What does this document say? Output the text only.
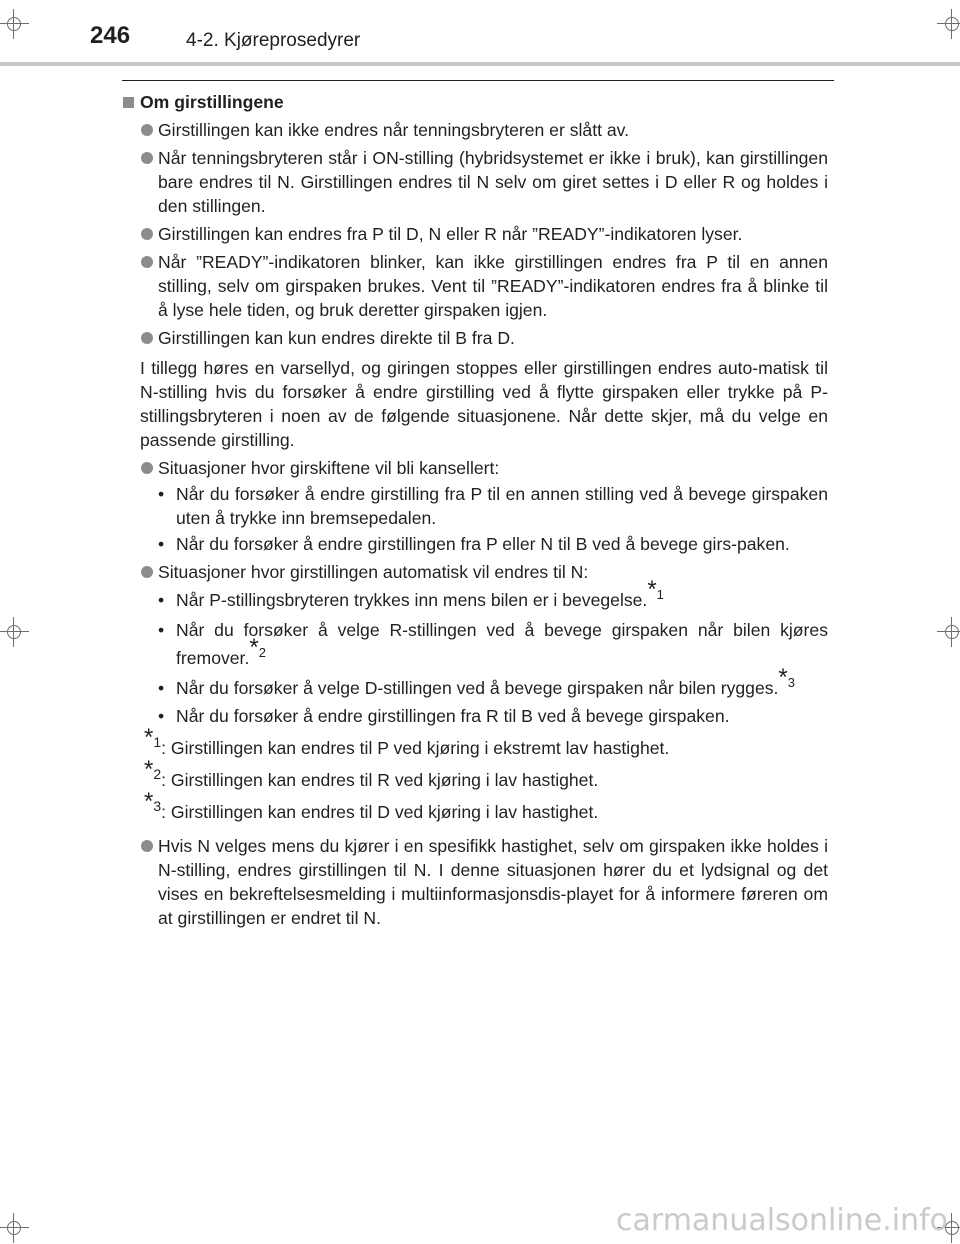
246	4-2. Kjøreprosedyrer
Om girstillingene
Girstillingen kan ikke endres når tenningsbryteren er slått av.
Når tenningsbryteren står i ON-stilling (hybridsystemet er ikke i bruk), kan girstillingen bare endres til N. Girstillingen endres til N selv om giret settes i D eller R og holdes i den stillingen.
Girstillingen kan endres fra P til D, N eller R når ”READY”-indikatoren lyser.
Når ”READY”-indikatoren blinker, kan ikke girstillingen endres fra P til en annen stilling, selv om girspaken brukes. Vent til ”READY”-indikatoren endres fra å blinke til å lyse hele tiden, og bruk deretter girspaken igjen.
Girstillingen kan kun endres direkte til B fra D.
I tillegg høres en varsellyd, og giringen stoppes eller girstillingen endres auto-matisk til N-stilling hvis du forsøker å endre girstilling ved å flytte girspaken eller trykke på P-stillingsbryteren i noen av de følgende situasjonene. Når dette skjer, må du velge en passende girstilling.
Situasjoner hvor girskiftene vil bli kansellert:
• Når du forsøker å endre girstilling fra P til en annen stilling ved å bevege girspaken uten å trykke inn bremsepedalen.
• Når du forsøker å endre girstillingen fra P eller N til B ved å bevege girs-paken.
Situasjoner hvor girstillingen automatisk vil endres til N:
• Når P-stillingsbryteren trykkes inn mens bilen er i bevegelse.$^{*1}$
• Når du forsøker å velge R-stillingen ved å bevege girspaken når bilen kjøres fremover.$^{*2}$
• Når du forsøker å velge D-stillingen ved å bevege girspaken når bilen rygges.$^{*3}$
• Når du forsøker å endre girstillingen fra R til B ved å bevege girspaken.
$^{*1}$: Girstillingen kan endres til P ved kjøring i ekstremt lav hastighet.
$^{*2}$: Girstillingen kan endres til R ved kjøring i lav hastighet.
$^{*3}$: Girstillingen kan endres til D ved kjøring i lav hastighet.
Hvis N velges mens du kjører i en spesifikk hastighet, selv om girspaken ikke holdes i N-stilling, endres girstillingen til N. I denne situasjonen hører du et lydsignal og det vises en bekreftelsesmelding i multiinformasjonsdis-playet for å informere føreren om at girstillingen er endret til N.
carmanualsonline.info
